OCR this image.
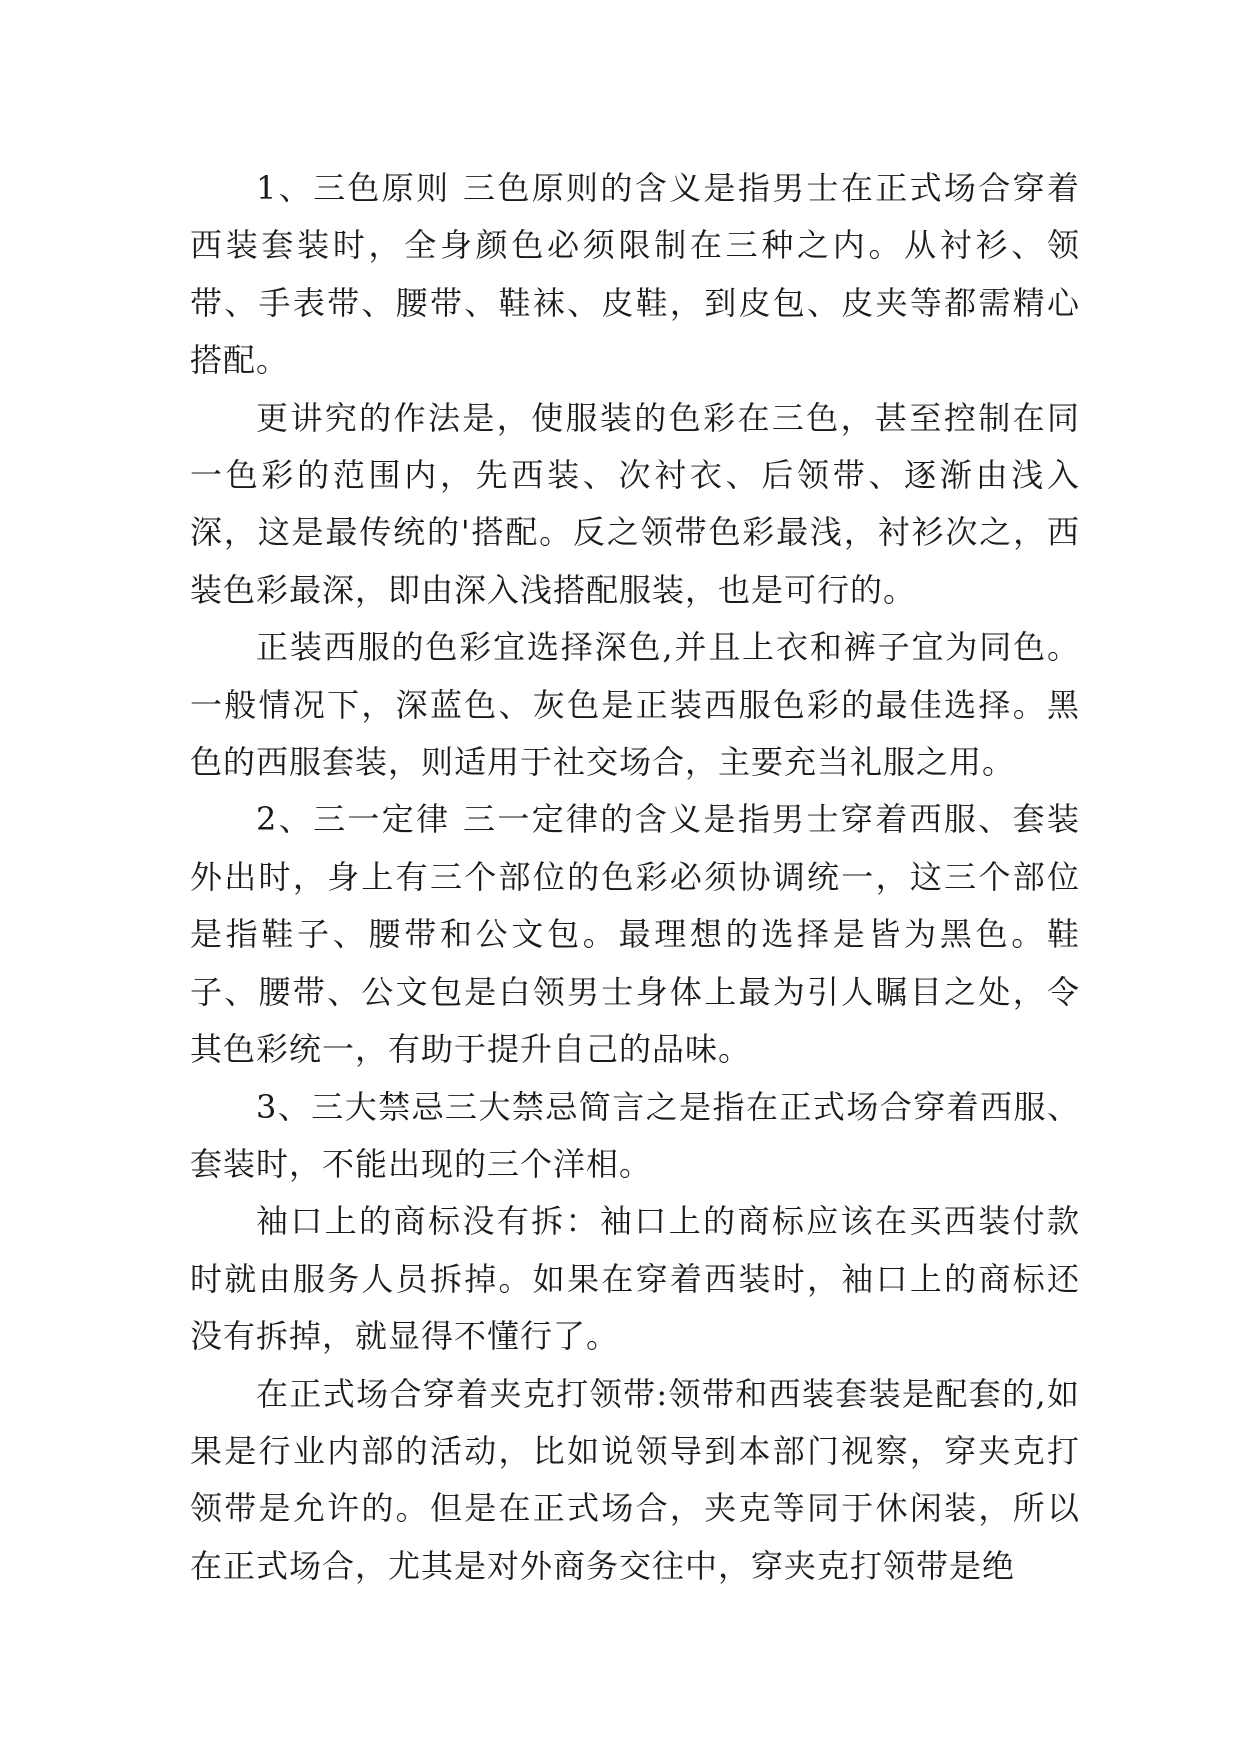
1、三色原则 三色原则的含义是指男士在正式场合穿着西装套装时，全身颜色必须限制在三种之内。从衬衫、领带、手表带、腰带、鞋袜、皮鞋，到皮包、皮夹等都需精心搭配。

更讲究的作法是，使服装的色彩在三色，甚至控制在同一色彩的范围内，先西装、次衬衣、后领带、逐渐由浅入深，这是最传统的'搭配。反之领带色彩最浅，衬衫次之，西装色彩最深，即由深入浅搭配服装，也是可行的。

正装西服的色彩宜选择深色,并且上衣和裤子宜为同色。一般情况下，深蓝色、灰色是正装西服色彩的最佳选择。黑色的西服套装，则适用于社交场合，主要充当礼服之用。

2、三一定律 三一定律的含义是指男士穿着西服、套装外出时，身上有三个部位的色彩必须协调统一，这三个部位是指鞋子、腰带和公文包。最理想的选择是皆为黑色。鞋子、腰带、公文包是白领男士身体上最为引人瞩目之处，令其色彩统一，有助于提升自己的品味。

3、三大禁忌三大禁忌简言之是指在正式场合穿着西服、套装时，不能出现的三个洋相。

袖口上的商标没有拆：袖口上的商标应该在买西装付款时就由服务人员拆掉。如果在穿着西装时，袖口上的商标还没有拆掉，就显得不懂行了。

在正式场合穿着夹克打领带:领带和西装套装是配套的,如果是行业内部的活动，比如说领导到本部门视察，穿夹克打领带是允许的。但是在正式场合，夹克等同于休闲装，所以在正式场合，尤其是对外商务交往中，穿夹克打领带是绝
